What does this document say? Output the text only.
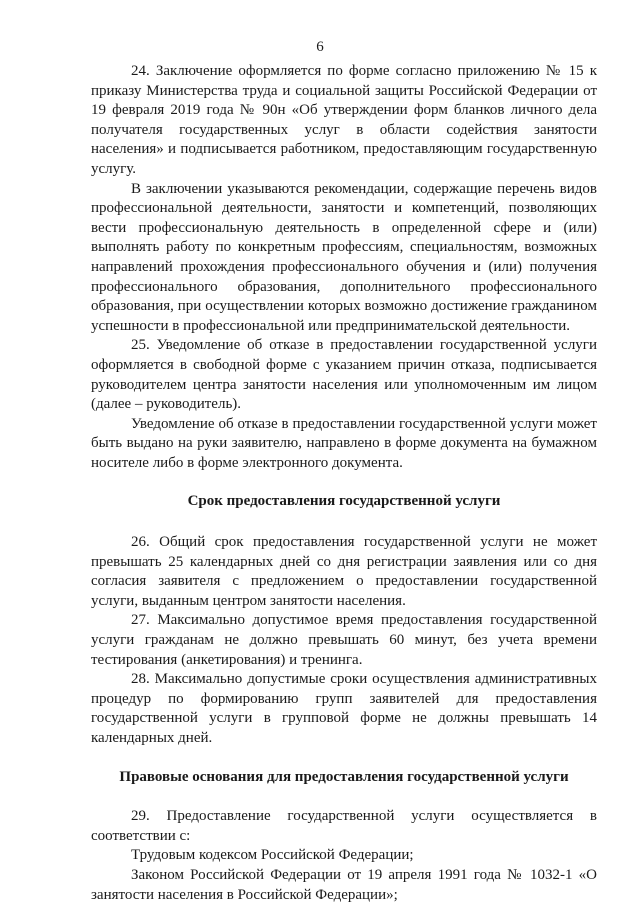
6

24. Заключение оформляется по форме согласно приложению № 15 к приказу Министерства труда и социальной защиты Российской Федерации от 19 февраля 2019 года № 90н «Об утверждении форм бланков личного дела получателя государственных услуг в области содействия занятости населения» и подписывается работником, предоставляющим государственную услугу.

В заключении указываются рекомендации, содержащие перечень видов профессиональной деятельности, занятости и компетенций, позволяющих вести профессиональную деятельность в определенной сфере и (или) выполнять работу по конкретным профессиям, специальностям, возможных направлений прохождения профессионального обучения и (или) получения профессионального образования, дополнительного профессионального образования, при осуществлении которых возможно достижение гражданином успешности в профессиональной или предпринимательской деятельности.

25. Уведомление об отказе в предоставлении государственной услуги оформляется в свободной форме с указанием причин отказа, подписывается руководителем центра занятости населения или уполномоченным им лицом (далее – руководитель).

Уведомление об отказе в предоставлении государственной услуги может быть выдано на руки заявителю, направлено в форме документа на бумажном носителе либо в форме электронного документа.

Срок предоставления государственной услуги

26. Общий срок предоставления государственной услуги не может превышать 25 календарных дней со дня регистрации заявления или со дня согласия заявителя с предложением о предоставлении государственной услуги, выданным центром занятости населения.

27. Максимально допустимое время предоставления государственной услуги гражданам не должно превышать 60 минут, без учета времени тестирования (анкетирования) и тренинга.

28. Максимально допустимые сроки осуществления административных процедур по формированию групп заявителей для предоставления государственной услуги в групповой форме не должны превышать 14 календарных дней.

Правовые основания для предоставления государственной услуги

29. Предоставление государственной услуги осуществляется в соответствии с:

Трудовым кодексом Российской Федерации;

Законом Российской Федерации от 19 апреля 1991 года № 1032-1 «О занятости населения в Российской Федерации»;
